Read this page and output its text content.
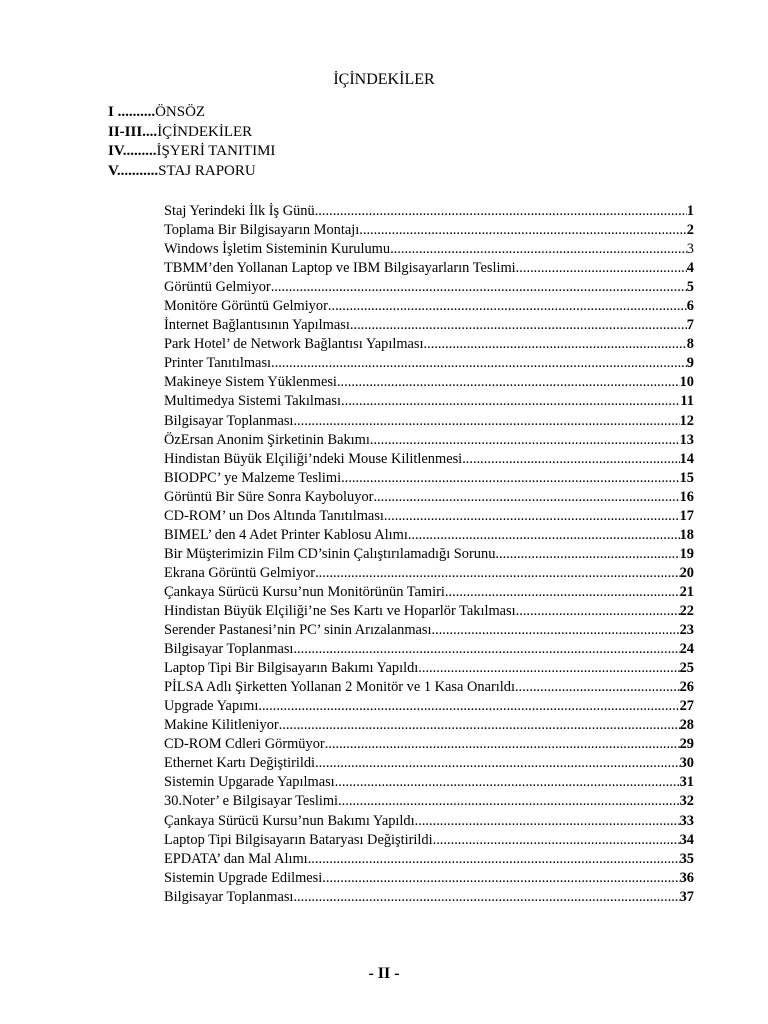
İÇİNDEKİLER
I ..........ÖNSÖZ
II-III....İÇİNDEKİLER
IV.........İŞYERİ TANITIMI
V...........STAJ RAPORU
Staj Yerindeki İlk İş Günü .....	1
Toplama Bir Bilgisayarın Montajı .....	2
Windows İşletim Sisteminin Kurulumu .....	3
TBMM’den Yollanan Laptop ve IBM Bilgisayarların Teslimi .....	4
Görüntü Gelmiyor .....	5
Monitöre Görüntü Gelmiyor .....	6
İnternet Bağlantısının Yapılması .....	7
Park Hotel’ de Network Bağlantısı Yapılması .....	8
Printer Tanıtılması .....	9
Makineye Sistem Yüklenmesi .....	10
Multimedya Sistemi Takılması .....	11
Bilgisayar Toplanması .....	12
ÖzErsan Anonim Şirketinin Bakımı .....	13
Hindistan Büyük Elçiliği’ndeki Mouse Kilitlenmesi .....	14
BIODPC’ ye Malzeme Teslimi .....	15
Görüntü Bir Süre Sonra Kayboluyor .....	16
CD-ROM’ un Dos Altında Tanıtılması .....	17
BIMEL’ den 4 Adet Printer Kablosu Alımı .....	18
Bir Müşterimizin Film CD’sinin Çalıştırılamadığı Sorunu .....	19
Ekrana Görüntü Gelmiyor .....	20
Çankaya Sürücü Kursu’nun Monitörünün Tamiri .....	21
Hindistan Büyük Elçiliği’ne Ses Kartı ve Hoparlör Takılması .....	22
Serender Pastanesi’nin PC’ sinin Arızalanması .....	23
Bilgisayar Toplanması .....	24
Laptop Tipi Bir Bilgisayarın Bakımı Yapıldı .....	25
PİLSA Adlı Şirketten Yollanan 2 Monitör ve 1 Kasa Onarıldı .....	26
Upgrade Yapımı .....	27
Makine Kilitleniyor .....	28
CD-ROM Cdleri Görmüyor .....	29
Ethernet Kartı Değiştirildi .....	30
Sistemin Upgarade Yapılması .....	31
30.Noter’ e Bilgisayar Teslimi .....	32
Çankaya Sürücü Kursu’nun Bakımı Yapıldı .....	33
Laptop Tipi Bilgisayarın Bataryası Değiştirildi .....	34
EPDATA’ dan Mal Alımı .....	35
Sistemin Upgrade Edilmesi .....	36
Bilgisayar Toplanması .....	37
- II -
